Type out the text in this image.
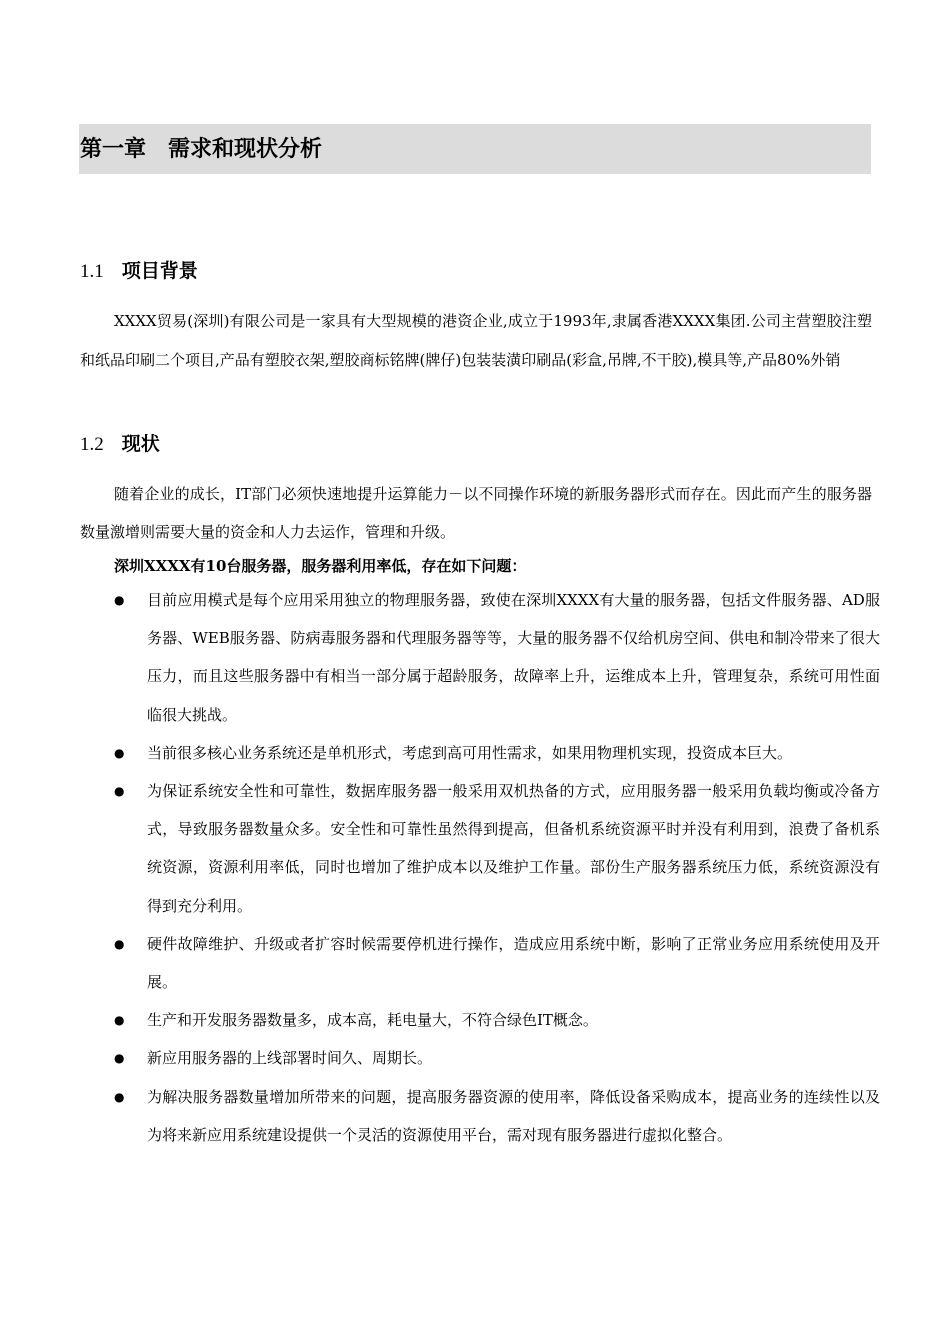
第一章 需求和现状分析
1.1 项目背景
XXXX贸易(深圳)有限公司是一家具有大型规模的港资企业,成立于1993年,隶属香港XXXX集团.公司主营塑胶注塑和纸品印刷二个项目,产品有塑胶衣架,塑胶商标铭牌(牌仔)包装装潢印刷品(彩盒,吊牌,不干胶),模具等,产品80%外销
1.2 现状
随着企业的成长，IT部门必须快速地提升运算能力－以不同操作环境的新服务器形式而存在。因此而产生的服务器数量激增则需要大量的资金和人力去运作，管理和升级。
深圳XXXX有10台服务器，服务器利用率低，存在如下问题：
● 目前应用模式是每个应用采用独立的物理服务器，致使在深圳XXXX有大量的服务器，包括文件服务器、AD服务器、WEB服务器、防病毒服务器和代理服务器等等，大量的服务器不仅给机房空间、供电和制冷带来了很大压力，而且这些服务器中有相当一部分属于超龄服务，故障率上升，运维成本上升，管理复杂，系统可用性面临很大挑战。
● 当前很多核心业务系统还是单机形式，考虑到高可用性需求，如果用物理机实现，投资成本巨大。
● 为保证系统安全性和可靠性，数据库服务器一般采用双机热备的方式，应用服务器一般采用负载均衡或冷备方式，导致服务器数量众多。安全性和可靠性虽然得到提高，但备机系统资源平时并没有利用到，浪费了备机系统资源，资源利用率低，同时也增加了维护成本以及维护工作量。部份生产服务器系统压力低，系统资源没有得到充分利用。
● 硬件故障维护、升级或者扩容时候需要停机进行操作，造成应用系统中断，影响了正常业务应用系统使用及开展。
● 生产和开发服务器数量多，成本高，耗电量大，不符合绿色IT概念。
● 新应用服务器的上线部署时间久、周期长。
● 为解决服务器数量增加所带来的问题，提高服务器资源的使用率，降低设备采购成本，提高业务的连续性以及为将来新应用系统建设提供一个灵活的资源使用平台，需对现有服务器进行虚拟化整合。
